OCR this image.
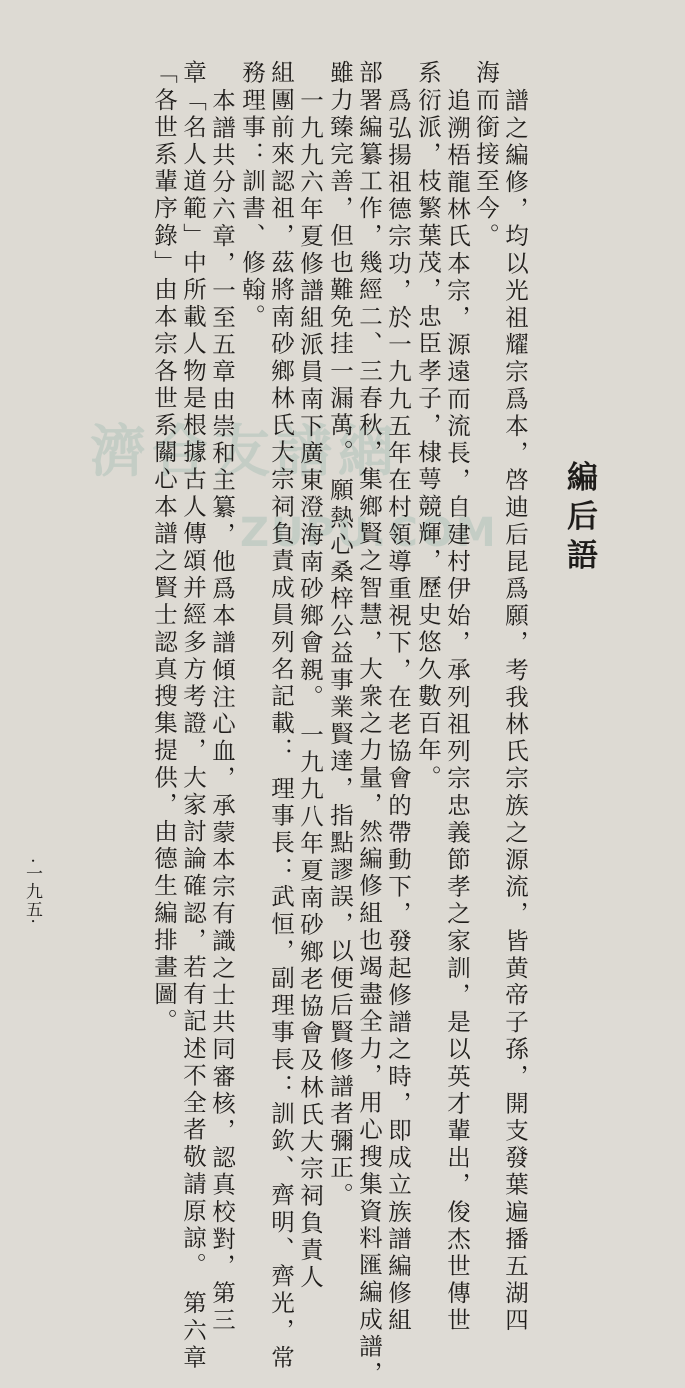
濟合友譜網
ZUPU.COM
編
后
語

譜之編修，均以光祖耀宗爲本，啓迪后昆爲願，考我林氏宗族之源流，皆黄帝子孫，開支發葉遍播五湖四

海而銜接至今。

追溯梧龍林氏本宗，源遠而流長，自建村伊始，承列祖列宗忠義節孝之家訓，是以英才輩出，俊杰世傳世

系衍派，枝繁葉茂，忠臣孝子，棣萼競輝，歷史悠久數百年。

爲弘揚祖德宗功，於一九九五年在村領導重視下，在老協會的帶動下，發起修譜之時，即成立族譜編修組

部署編纂工作，幾經二、三春秋，集鄉賢之智慧，大衆之力量，然編修組也竭盡全力，用心搜集資料匯編成譜，

雖力臻完善，但也難免挂一漏萬。 願熱心桑梓公益事業賢達，指點謬誤，以便后賢修譜者彌正。

一九九六年夏修譜組派員南下廣東澄海南砂鄉會親。 一九九八年夏南砂鄉老協會及林氏大宗祠負責人

組團前來認祖，茲將南砂鄉林氏大宗祠負責成員列名記載： 理事長：武恒，副理事長：訓欽、齊明、齊光，常

務理事：訓書、修翰。

本譜共分六章，一至五章由崇和主纂，他爲本譜傾注心血，承蒙本宗有識之士共同審核，認真校對，第三

章「名人道範」中所載人物是根據古人傳頌并經多方考證，大家討論確認，若有記述不全者敬請原諒。 第六章

「各世系輩序錄」由本宗各世系關心本譜之賢士認真搜集提供，由德生編排畫圖。

·一九五·
